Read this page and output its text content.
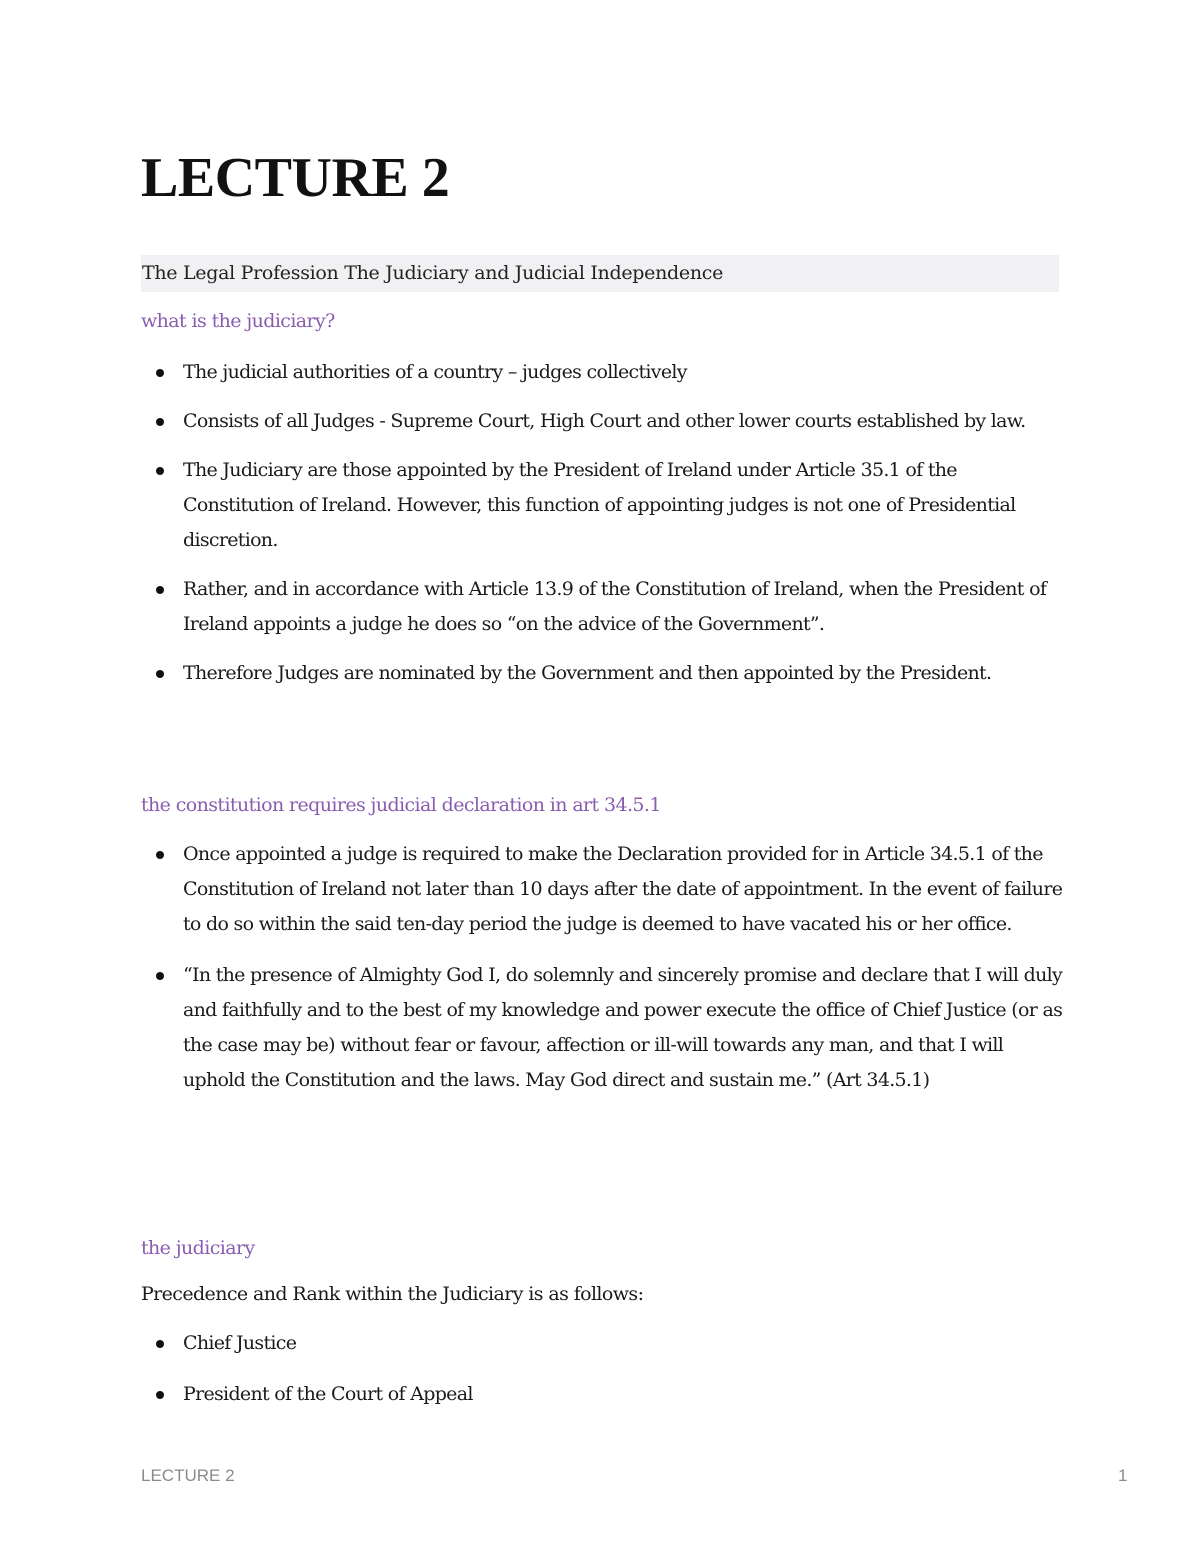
LECTURE 2
The Legal Profession The Judiciary and Judicial Independence
what is the judiciary?
The judicial authorities of a country – judges collectively
Consists of all Judges - Supreme Court, High Court and other lower courts established by law.
The Judiciary are those appointed by the President of Ireland under Article 35.1 of the Constitution of Ireland. However, this function of appointing judges is not one of Presidential discretion.
Rather, and in accordance with Article 13.9 of the Constitution of Ireland, when the President of Ireland appoints a judge he does so “on the advice of the Government”.
Therefore Judges are nominated by the Government and then appointed by the President.
the constitution requires judicial declaration in art 34.5.1
Once appointed a judge is required to make the Declaration provided for in Article 34.5.1 of the Constitution of Ireland not later than 10 days after the date of appointment. In the event of failure to do so within the said ten-day period the judge is deemed to have vacated his or her office.
“In the presence of Almighty God I, do solemnly and sincerely promise and declare that I will duly and faithfully and to the best of my knowledge and power execute the office of Chief Justice (or as the case may be) without fear or favour, affection or ill-will towards any man, and that I will uphold the Constitution and the laws. May God direct and sustain me.” (Art 34.5.1)
the judiciary
Precedence and Rank within the Judiciary is as follows:
Chief Justice
President of the Court of Appeal
LECTURE 2	1
